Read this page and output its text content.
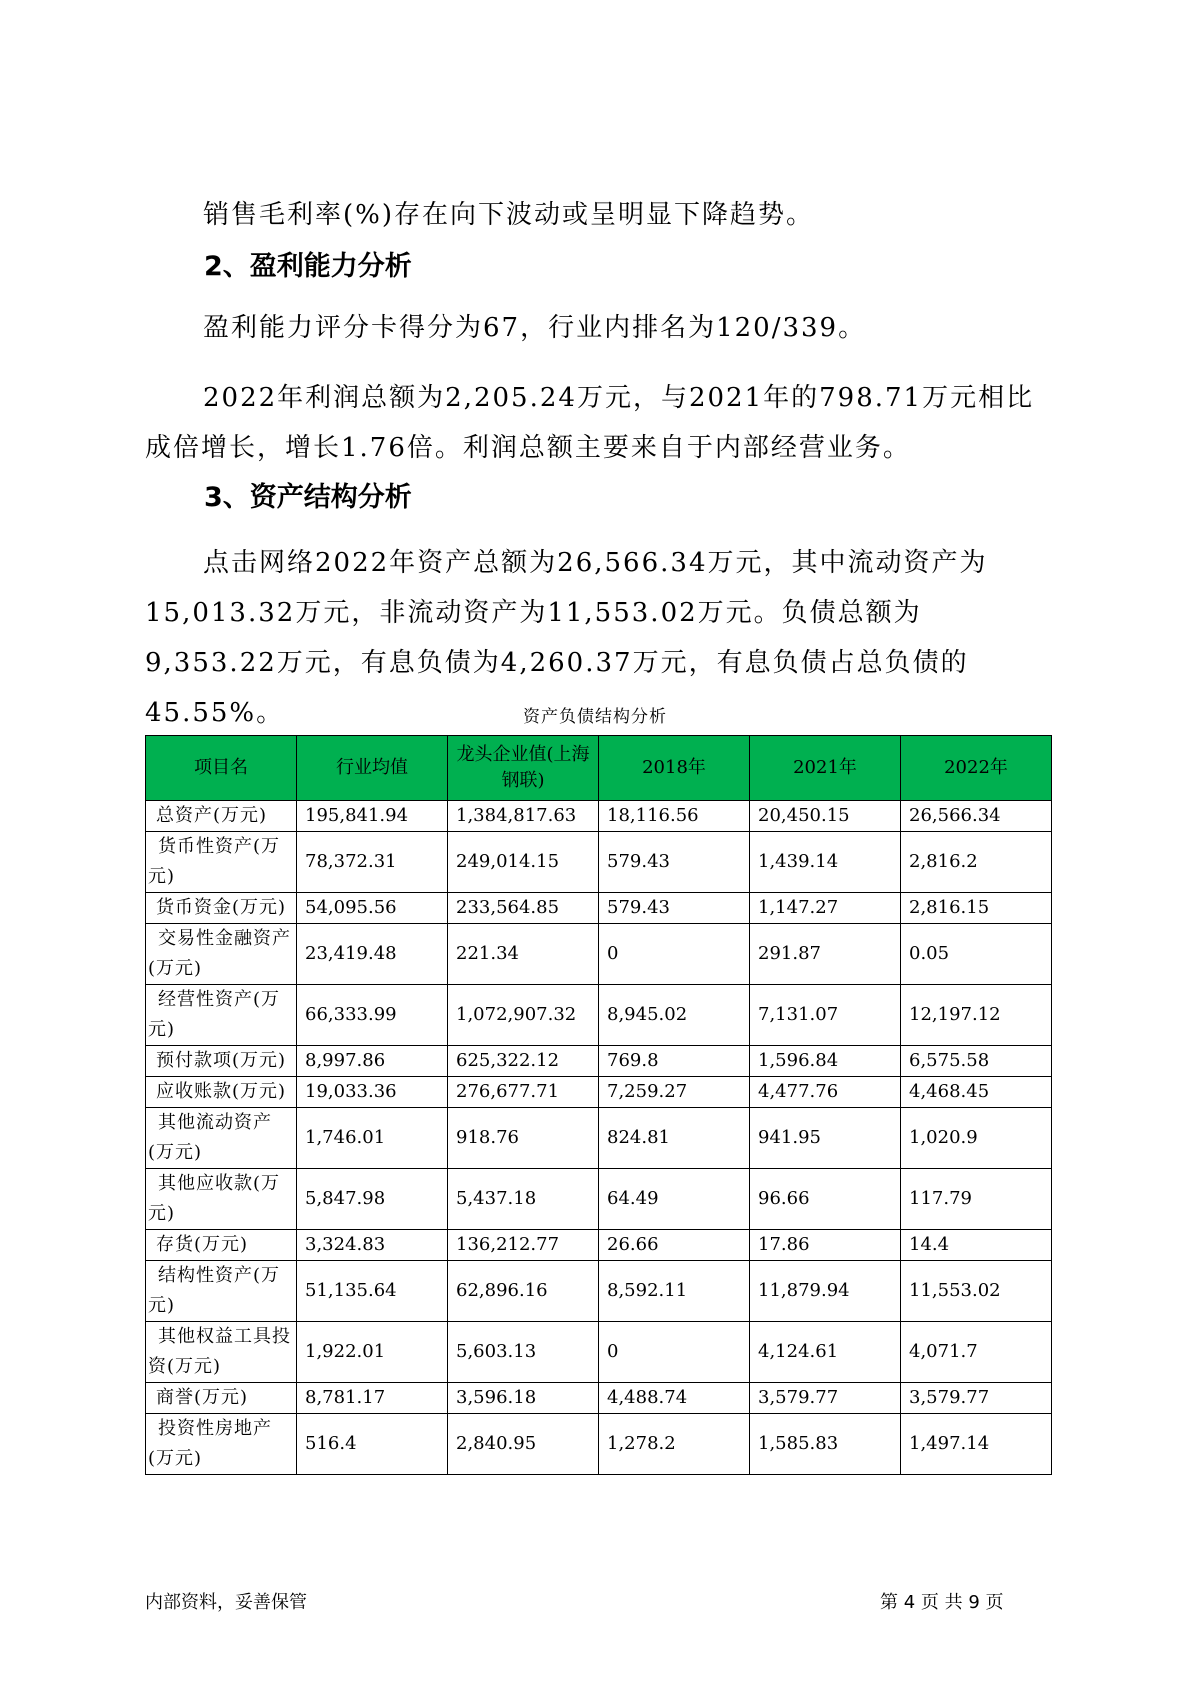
销售毛利率(%)存在向下波动或呈明显下降趋势。

2、盈利能力分析

盈利能力评分卡得分为67，行业内排名为120/339。

2022年利润总额为2,205.24万元，与2021年的798.71万元相比成倍增长，增长1.76倍。利润总额主要来自于内部经营业务。

3、资产结构分析

点击网络2022年资产总额为26,566.34万元，其中流动资产为15,013.32万元，非流动资产为11,553.02万元。负债总额为9,353.22万元，有息负债为4,260.37万元，有息负债占总负债的45.55%。	资产负债结构分析
项目名	行业均值	龙头企业值(上海钢联)	2018年	2021年	2022年
总资产(万元)	195,841.94	1,384,817.63	18,116.56	20,450.15	26,566.34
货币性资产(万元)	78,372.31	249,014.15	579.43	1,439.14	2,816.2
货币资金(万元)	54,095.56	233,564.85	579.43	1,147.27	2,816.15
交易性金融资产(万元)	23,419.48	221.34	0	291.87	0.05
经营性资产(万元)	66,333.99	1,072,907.32	8,945.02	7,131.07	12,197.12
预付款项(万元)	8,997.86	625,322.12	769.8	1,596.84	6,575.58
应收账款(万元)	19,033.36	276,677.71	7,259.27	4,477.76	4,468.45
其他流动资产(万元)	1,746.01	918.76	824.81	941.95	1,020.9
其他应收款(万元)	5,847.98	5,437.18	64.49	96.66	117.79
存货(万元)	3,324.83	136,212.77	26.66	17.86	14.4
结构性资产(万元)	51,135.64	62,896.16	8,592.11	11,879.94	11,553.02
其他权益工具投资(万元)	1,922.01	5,603.13	0	4,124.61	4,071.7
商誉(万元)	8,781.17	3,596.18	4,488.74	3,579.77	3,579.77
投资性房地产(万元)	516.4	2,840.95	1,278.2	1,585.83	1,497.14
内部资料，妥善保管	第 4 页 共 9 页
